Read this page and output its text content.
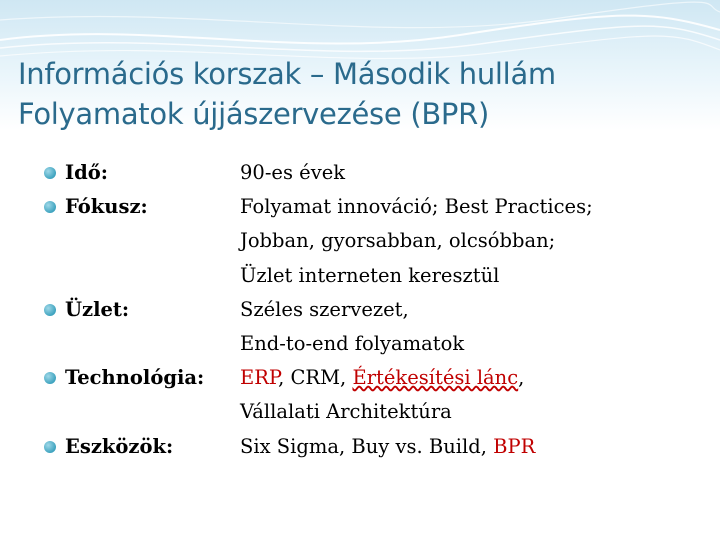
Információs korszak – Második hullám
Folyamatok újjászervezése (BPR)
Idő:	90-es évek
Fókusz:	Folyamat innováció; Best Practices;
Jobban, gyorsabban, olcsóbban;
Üzlet interneten keresztül
Üzlet:	Széles szervezet,
End-to-end folyamatok
Technológia:	ERP, CRM, Értékesítési lánc,
Vállalati Architektúra
Eszközök:	Six Sigma, Buy vs. Build, BPR
